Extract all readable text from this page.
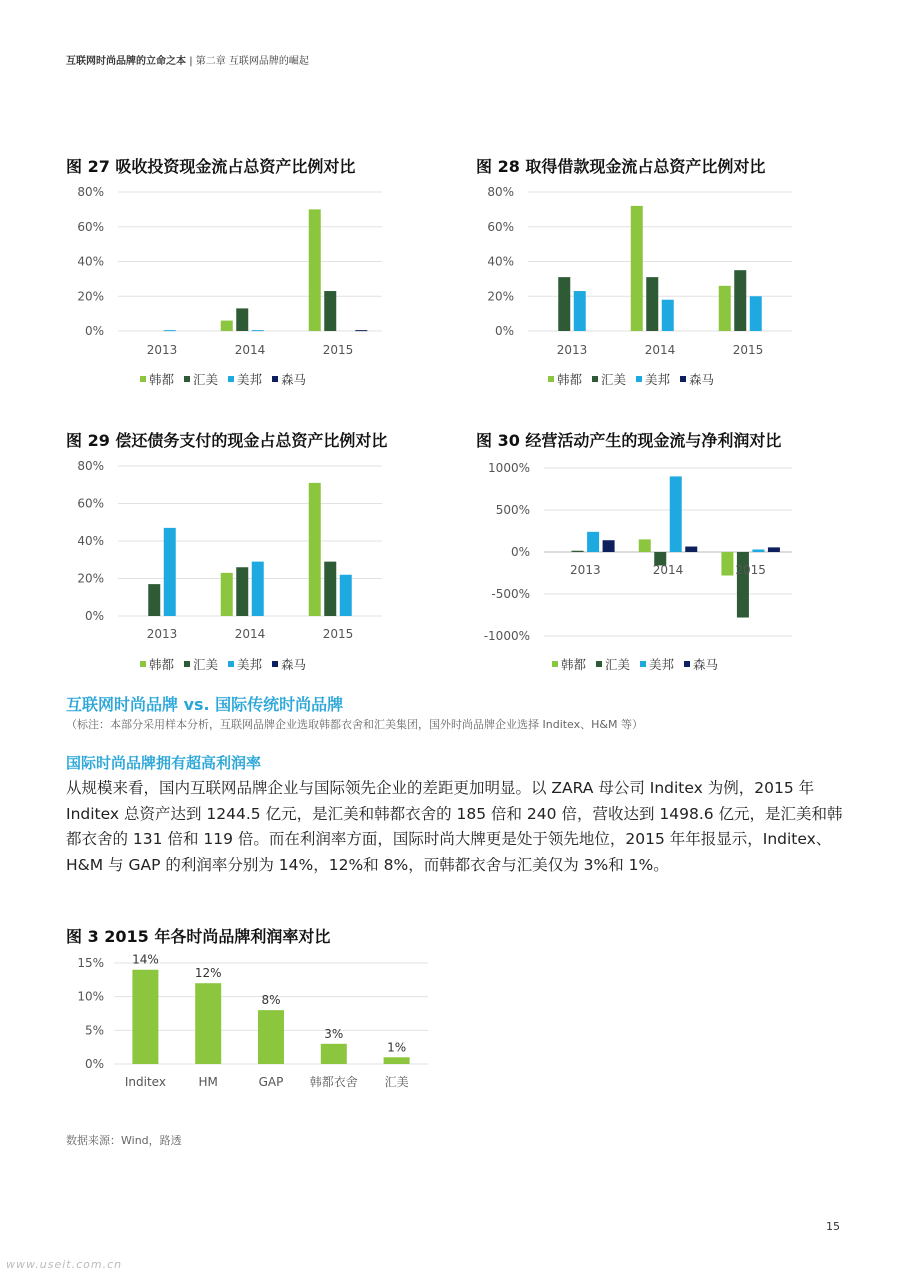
互联网时尚品牌的立命之本 | 第二章 互联网品牌的崛起
图 27 吸收投资现金流占总资产比例对比
0%
20%
40%
60%
80%
2013	2014	2015
韩都 汇美 美邦 森马
图 28 取得借款现金流占总资产比例对比
0%
20%
40%
60%
80%
2013	2014	2015
韩都 汇美 美邦 森马
图 29 偿还债务支付的现金占总资产比例对比
0%
20%
40%
60%
80%
2013	2014	2015
韩都 汇美 美邦 森马
图 30 经营活动产生的现金流与净利润对比
-1000%
-500%
0%
500%
1000%
2013	2014	2015
韩都 汇美 美邦 森马
互联网时尚品牌 vs. 国际传统时尚品牌
（标注：本部分采用样本分析，互联网品牌企业选取韩都衣舍和汇美集团，国外时尚品牌企业选择 Inditex、H&M 等）
国际时尚品牌拥有超高利润率
从规模来看，国内互联网品牌企业与国际领先企业的差距更加明显。以 ZARA 母公司 Inditex 为例，2015 年 Inditex 总资产达到 1244.5 亿元，是汇美和韩都衣舍的 185 倍和 240 倍，营收达到 1498.6 亿元，是汇美和韩都衣舍的 131 倍和 119 倍。而在利润率方面，国际时尚大牌更是处于领先地位，2015 年年报显示，Inditex、H&M 与 GAP 的利润率分别为 14%，12%和 8%，而韩都衣舍与汇美仅为 3%和 1%。
图 3 2015 年各时尚品牌利润率对比
0%
5%
10%
15% 14%
Inditex
12%
HM
8%
GAP
3%
韩都衣舍
1%
汇美
数据来源：Wind，路透
15
www.useit.com.cn
